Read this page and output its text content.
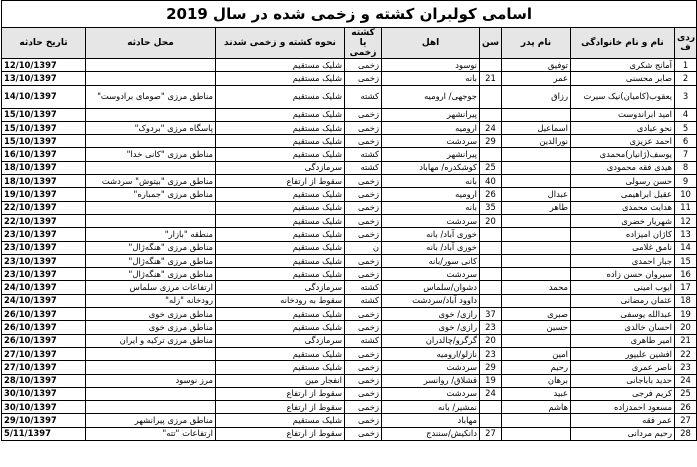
اسامی کولبران کشته و زخمی شده در سال 2019								
تاریخ حادثه	محل حادثه	نحوه کشته و زخمی شدند	کشته یا زخمی	اهل	سن	نام پدر	نام و نام خانوادگی	ردی ف
12/10/1397		شلیک مستقیم	زخمی	نوسود		توفیق	آمانج شکری	1
13/10/1397		شلیک مستقیم	زخمی	بانه	21	عمر	صابر محسنی	2
14/10/1397	مناطق مرزی "صومای برادوست"	شلیک مستقیم	کشته	جوجهی/ ارومیه		رزاق	یعقوب(کامیان)نیک سیرت	3
15/10/1397		شلیک مستقیم	زخمی	پیرانشهر			امید ابراندوست	4
15/10/1397	پاسگاه مرزی "بردوک"	شلیک مستقیم	زخمی	ارومیه	24	اسماعیل	نحو عبادی	5
15/10/1397		شلیک مستقیم	زخمی	سردشت	29	نورالدین	احمد عزیزی	6
16/10/1397	مناطق مرزی "کانی خدا"	شلیک مستقیم	کشته	پیرانشهر			یوسف(ژانیار)محمدی	7
18/10/1397		سرمازدگی	کشته	کوشکدره/ مهاباد	25		هیدی فقه محمودی	8
18/10/1397	مناطق مرزی "بیتوش" سردشت	سقوط از ارتفاع	زخمی	بانه	40		حسن رسولی	9
19/10/1397	مناطق مرزی "جمباره"	شلیک مستقیم	زخمی	ارومیه	26	عبدال	عقیل ابراهیمی	10
22/10/1397		شلیک مستقیم	زخمی	بانه	35	طاهر	هدایت محمدی	11
22/10/1397		شلیک مستقیم	زخمی	سردشت	20		شهریار خضری	12
23/10/1397	منطقه "بازار"	شلیک مستقیم	زخمی	خوری آباد/ بانه			کاژان امیزاده	13
23/10/1397	مناطق مرزی "هنگه‌ژال"	شلیک مستقیم	ن	خوری آباد/ بانه			نامق غلامی	14
23/10/1397	مناطق مرزی "هنگه‌ژال"	شلیک مستقیم	زخمی	کانی سور/بانه			جبار احمدی	15
23/10/1397	مناطق مرزی "هنگه‌ژال"	شلیک مستقیم	زخمی	سردشت			سیروان حسن زاده	16
24/10/1397	ارتفاعات مرزی سلماس	سرمازدگی	کشته	دشوان/سلماس		محمد	ایوب امینی	17
24/10/1397	رودخانه "زله"	سقوط به رودخانه	کشته	داوود آباد/سردشت			عثمان رمضانی	18
26/10/1397	مناطق مرزی خوی	شلیک مستقیم	زخمی	رازی/ خوی	37	صبری	عبدالله یوسفی	19
26/10/1397	مناطق مرزی خوی	شلیک مستقیم	زخمی	رازی/ خوی	23	حسین	احسان خالدی	20
26/10/1397	مناطق مرزی ترکیه و ایران	سرمازدگی	کشته	گرگرو/چالدران	20		امیر طاهری	21
27/10/1397		شلیک مستقیم	زخمی	نازلو/ارومیه	23	امین	افشین علیپور	22
27/10/1397		شلیک مستقیم	زخمی	سردشت	29	رحیم	ناصر عمری	23
28/10/1397	مرز نوسود	انفجار مین	زخمی	قشلاق/ روانسر	19	برهان	حدید باباجانی	24
30/10/1397		سقوط از ارتفاع	زخمی	سردشت	24	عبید	کریم فرجی	25
30/10/1397		سقوط از ارتفاع	زخمی	نمشیر/ بانه		هاشم	مسعود احمدزاده	26
29/10/1397	مناطق مرزی پیرانشهر	شلیک مستقیم	زخمی	مهاباد			عمر فقه	27
5/11/1397	ارتفاعات "تته"	سقوط از ارتفاع	زخمی	دانکیش/سنندج	27		رحیم مردانی	28
